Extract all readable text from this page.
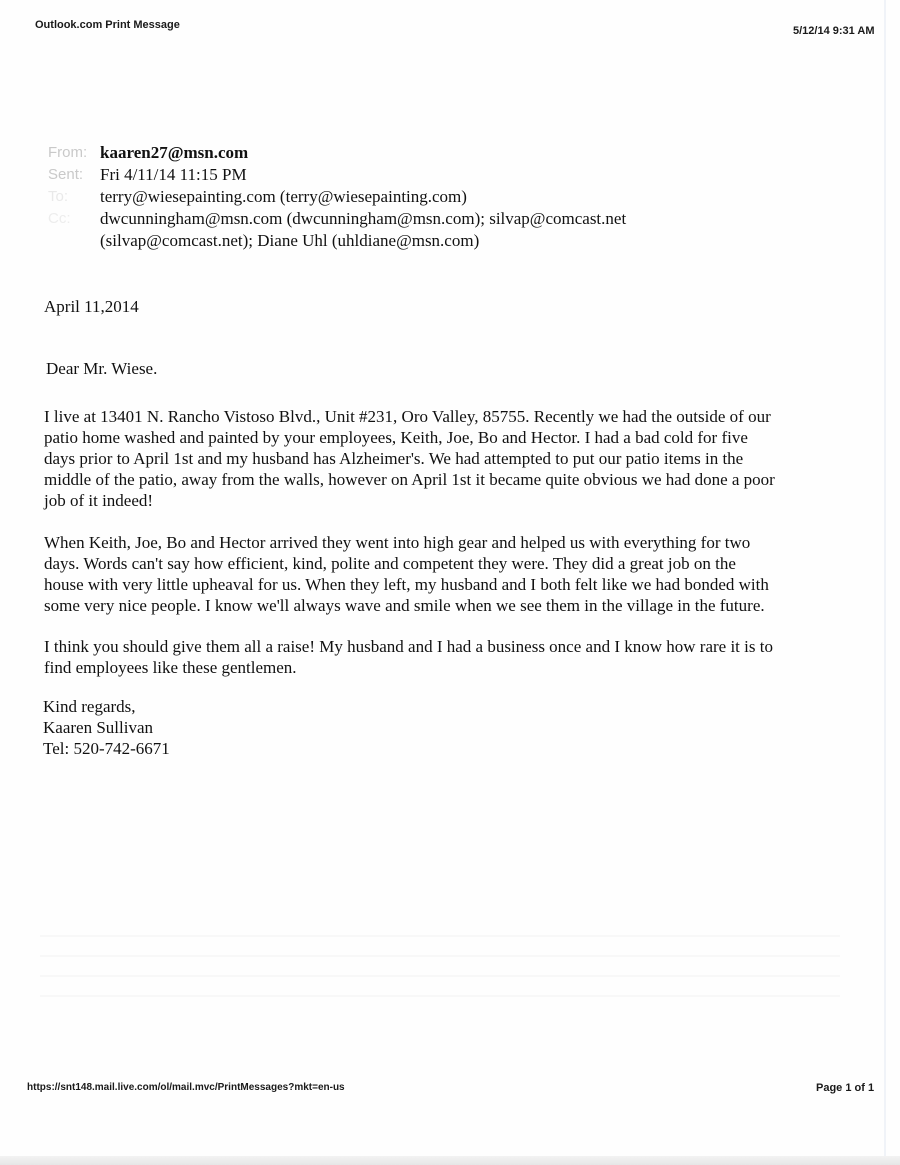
Outlook.com Print Message	5/12/14 9:31 AM
From: kaaren27@msn.com
Sent: Fri 4/11/14 11:15 PM
To:	terry@wiesepainting.com (terry@wiesepainting.com)
Cc:	dwcunningham@msn.com (dwcunningham@msn.com); silvap@comcast.net
(silvap@comcast.net); Diane Uhl (uhldiane@msn.com)
April 11,2014
Dear Mr. Wiese.
I live at 13401 N. Rancho Vistoso Blvd., Unit #231, Oro Valley, 85755. Recently we had the outside of our
patio home washed and painted by your employees, Keith, Joe, Bo and Hector. I had a bad cold for five
days prior to April 1st and my husband has Alzheimer's. We had attempted to put our patio items in the
middle of the patio, away from the walls, however on April 1st it became quite obvious we had done a poor
job of it indeed!
When Keith, Joe, Bo and Hector arrived they went into high gear and helped us with everything for two
days. Words can't say how efficient, kind, polite and competent they were. They did a great job on the
house with very little upheaval for us. When they left, my husband and I both felt like we had bonded with
some very nice people. I know we'll always wave and smile when we see them in the village in the future.
I think you should give them all a raise! My husband and I had a business once and I know how rare it is to
find employees like these gentlemen.
Kind regards,
Kaaren Sullivan
Tel: 520-742-6671
https://snt148.mail.live.com/ol/mail.mvc/PrintMessages?mkt=en-us	Page 1 of 1
